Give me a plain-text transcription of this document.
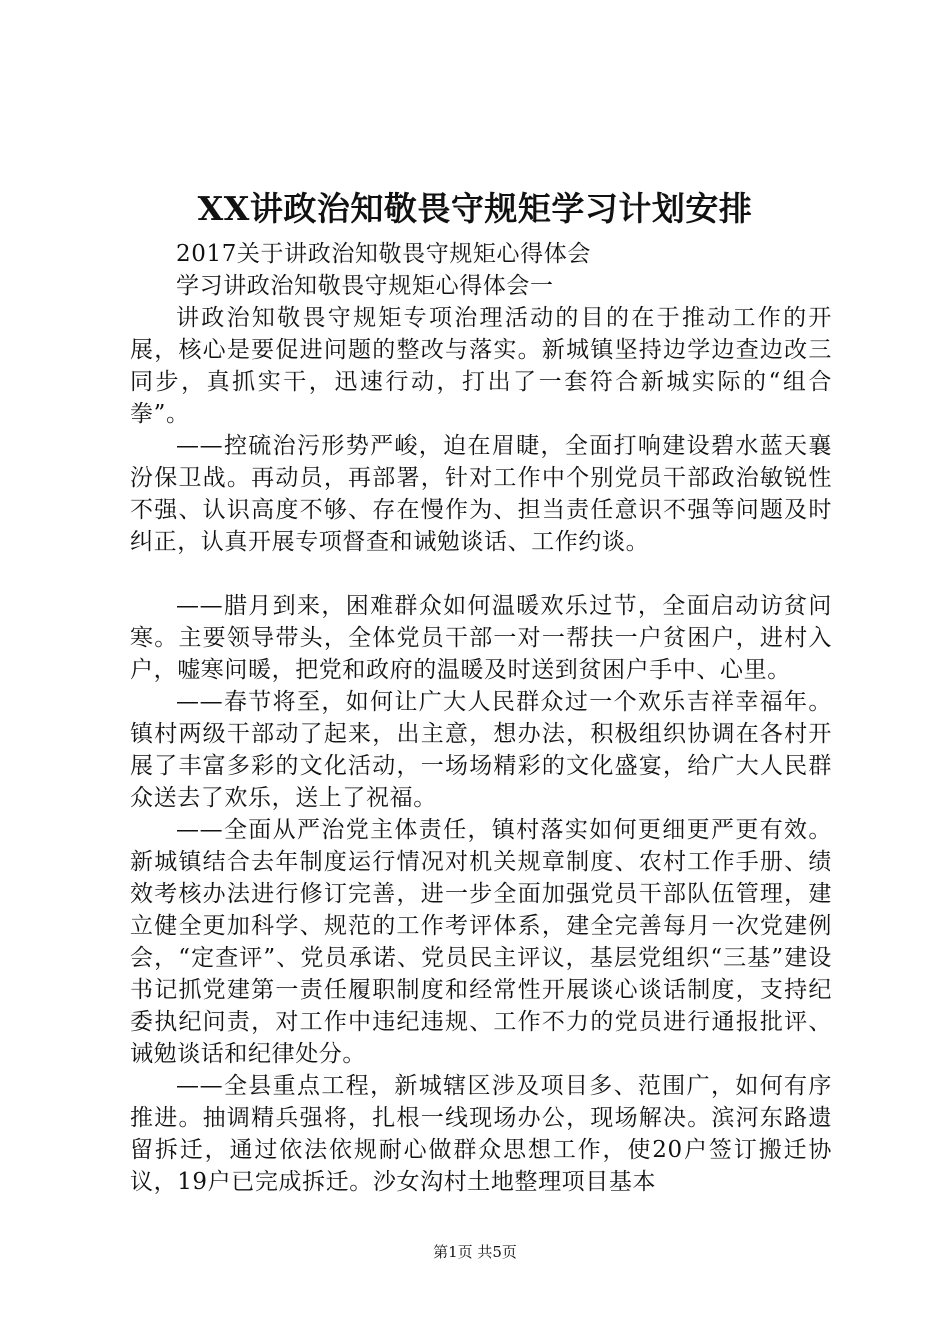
XX讲政治知敬畏守规矩学习计划安排

2017关于讲政治知敬畏守规矩心得体会

学习讲政治知敬畏守规矩心得体会一

讲政治知敬畏守规矩专项治理活动的目的在于推动工作的开展，核心是要促进问题的整改与落实。新城镇坚持边学边查边改三同步，真抓实干，迅速行动，打出了一套符合新城实际的“组合拳”。

——控硫治污形势严峻，迫在眉睫，全面打响建设碧水蓝天襄汾保卫战。再动员，再部署，针对工作中个别党员干部政治敏锐性不强、认识高度不够、存在慢作为、担当责任意识不强等问题及时纠正，认真开展专项督查和诫勉谈话、工作约谈。

——腊月到来，困难群众如何温暖欢乐过节，全面启动访贫问寒。主要领导带头，全体党员干部一对一帮扶一户贫困户，进村入户，嘘寒问暖，把党和政府的温暖及时送到贫困户手中、心里。

——春节将至，如何让广大人民群众过一个欢乐吉祥幸福年。镇村两级干部动了起来，出主意，想办法，积极组织协调在各村开展了丰富多彩的文化活动，一场场精彩的文化盛宴，给广大人民群众送去了欢乐，送上了祝福。

——全面从严治党主体责任，镇村落实如何更细更严更有效。新城镇结合去年制度运行情况对机关规章制度、农村工作手册、绩效考核办法进行修订完善，进一步全面加强党员干部队伍管理，建立健全更加科学、规范的工作考评体系，建全完善每月一次党建例会，“定查评”、党员承诺、党员民主评议，基层党组织“三基”建设书记抓党建第一责任履职制度和经常性开展谈心谈话制度，支持纪委执纪问责，对工作中违纪违规、工作不力的党员进行通报批评、诫勉谈话和纪律处分。

——全县重点工程，新城辖区涉及项目多、范围广，如何有序推进。抽调精兵强将，扎根一线现场办公，现场解决。滨河东路遗留拆迁，通过依法依规耐心做群众思想工作，使20户签订搬迁协议，19户已完成拆迁。沙女沟村土地整理项目基本

第1页 共5页
